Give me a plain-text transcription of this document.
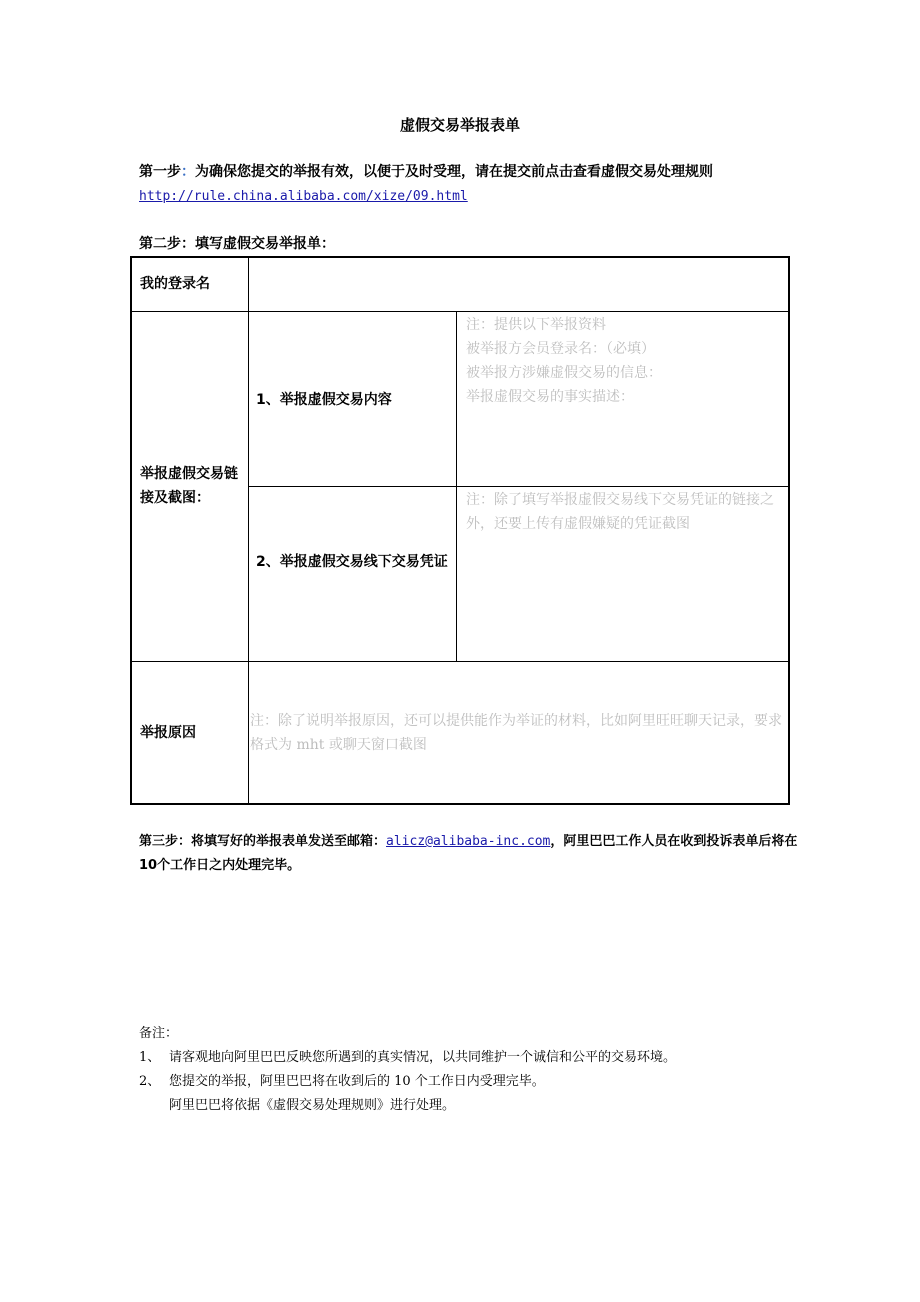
虚假交易举报表单
第一步：为确保您提交的举报有效，以便于及时受理，请在提交前点击查看虚假交易处理规则
http://rule.china.alibaba.com/xize/09.html
第二步：填写虚假交易举报单：
我的登录名
举报虚假交易链接及截图：
1、举报虚假交易内容
注：提供以下举报资料
被举报方会员登录名：（必填）
被举报方涉嫌虚假交易的信息：
举报虚假交易的事实描述：
2、举报虚假交易线下交易凭证
注：除了填写举报虚假交易线下交易凭证的链接之外，还要上传有虚假嫌疑的凭证截图
举报原因
注：除了说明举报原因，还可以提供能作为举证的材料，比如阿里旺旺聊天记录，要求格式为 mht 或聊天窗口截图
第三步：将填写好的举报表单发送至邮箱：alicz@alibaba-inc.com，阿里巴巴工作人员在收到投诉表单后将在10个工作日之内处理完毕。
备注：
1、 请客观地向阿里巴巴反映您所遇到的真实情况，以共同维护一个诚信和公平的交易环境。
2、 您提交的举报，阿里巴巴将在收到后的 10 个工作日内受理完毕。
阿里巴巴将依据《虚假交易处理规则》进行处理。
